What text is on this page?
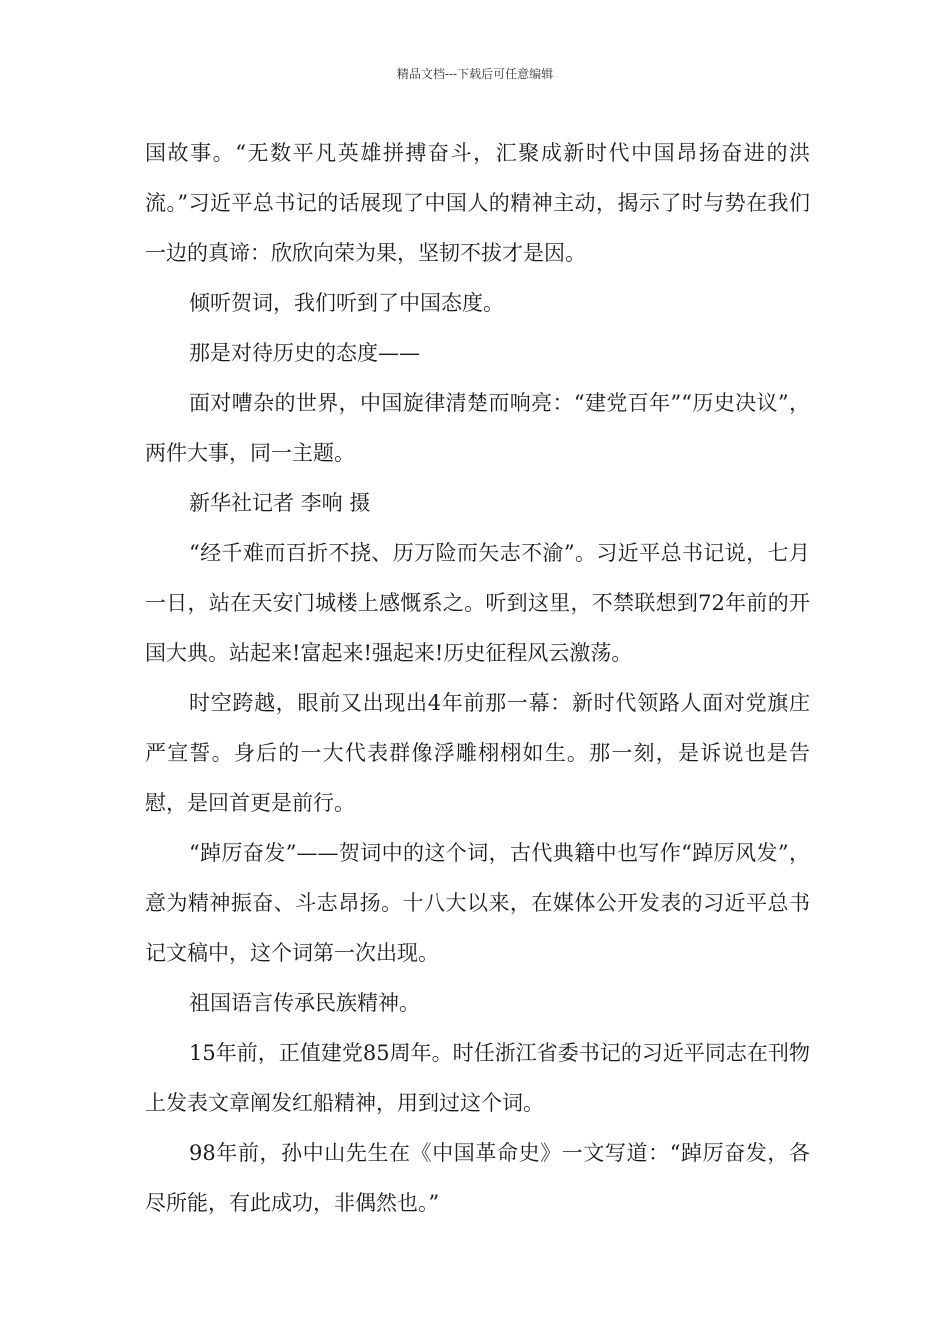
精品文档---下载后可任意编辑

国故事。“无数平凡英雄拼搏奋斗，汇聚成新时代中国昂扬奋进的洪流。”习近平总书记的话展现了中国人的精神主动，揭示了时与势在我们一边的真谛：欣欣向荣为果，坚韧不拔才是因。

倾听贺词，我们听到了中国态度。

那是对待历史的态度——

面对嘈杂的世界，中国旋律清楚而响亮：“建党百年”“历史决议”，两件大事，同一主题。

新华社记者 李响 摄

“经千难而百折不挠、历万险而矢志不渝”。习近平总书记说，七月一日，站在天安门城楼上感慨系之。听到这里，不禁联想到72年前的开国大典。站起来!富起来!强起来!历史征程风云激荡。

时空跨越，眼前又出现出4年前那一幕：新时代领路人面对党旗庄严宣誓。身后的一大代表群像浮雕栩栩如生。那一刻，是诉说也是告慰，是回首更是前行。

“踔厉奋发”——贺词中的这个词，古代典籍中也写作“踔厉风发”，意为精神振奋、斗志昂扬。十八大以来，在媒体公开发表的习近平总书记文稿中，这个词第一次出现。

祖国语言传承民族精神。

15年前，正值建党85周年。时任浙江省委书记的习近平同志在刊物上发表文章阐发红船精神，用到过这个词。

98年前，孙中山先生在《中国革命史》一文写道：“踔厉奋发，各尽所能，有此成功，非偶然也。”
